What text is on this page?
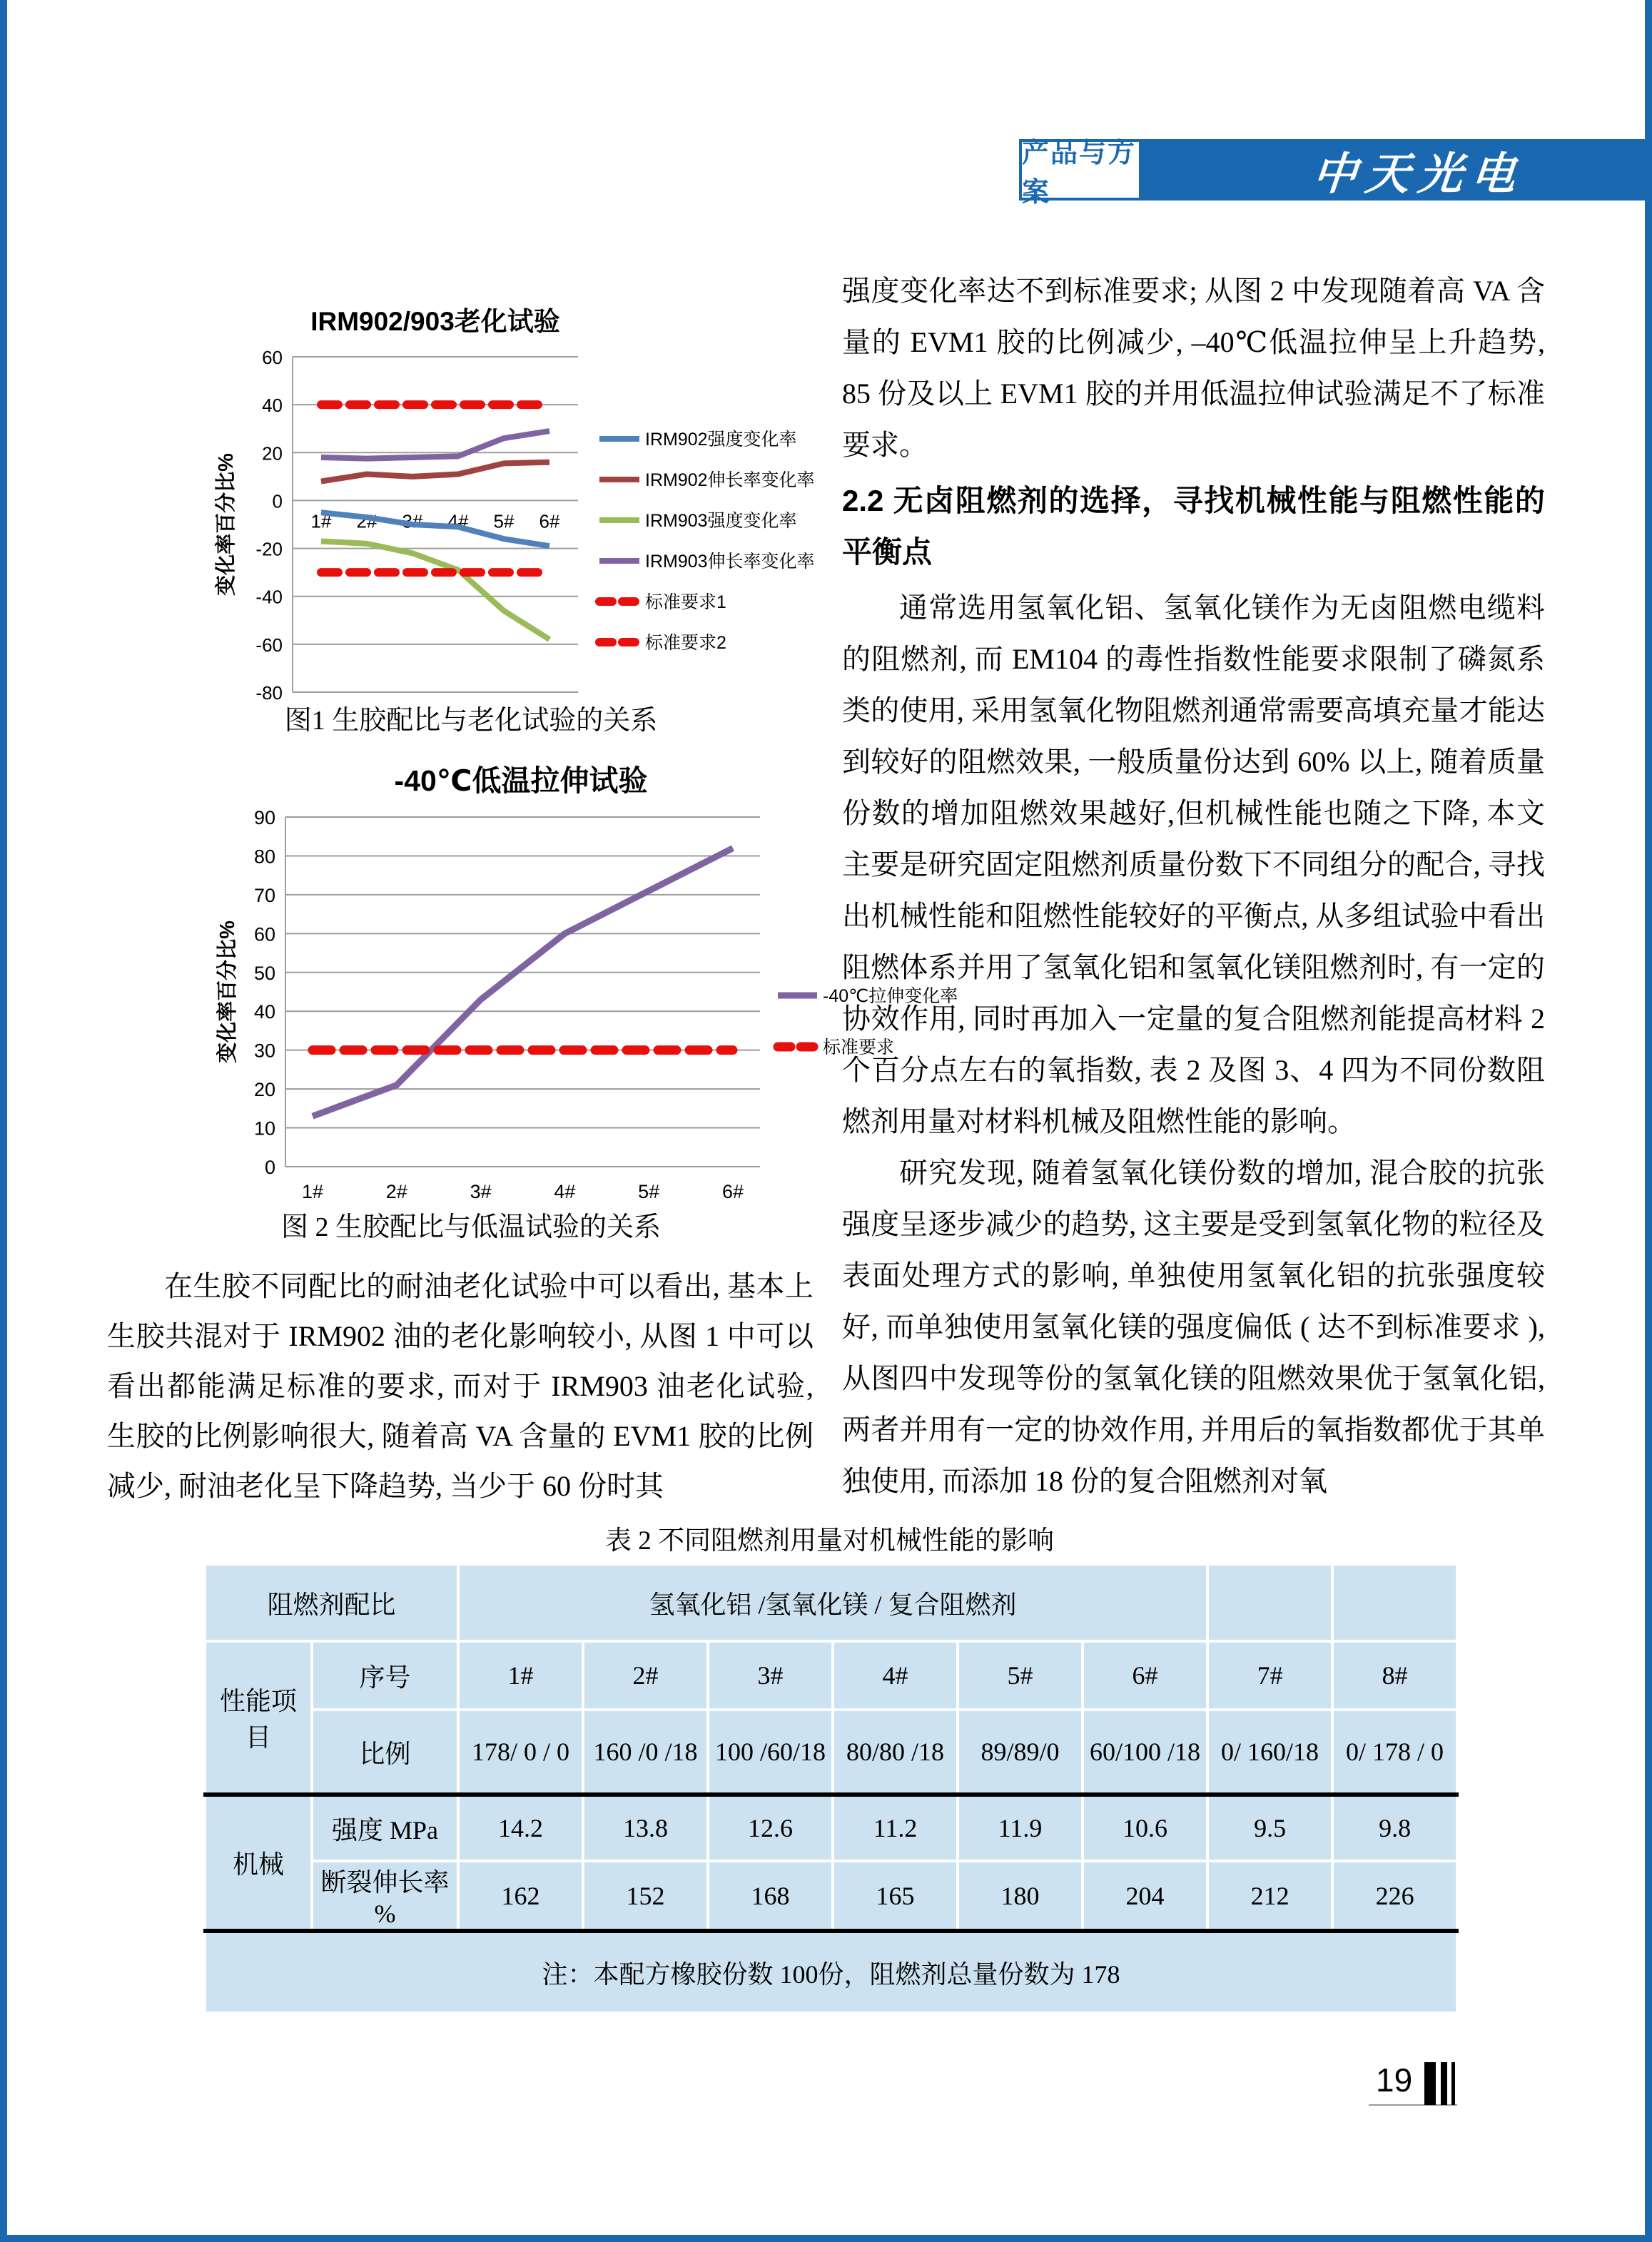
产品与方案	中天光电
-80
-60
-40
-20
0
20
40
60
1# 2# 3# 4# 5# 6#
IRM902强度变化率
IRM902伸长率变化率
IRM903强度变化率
IRM903伸长率变化率
标准要求1
标准要求2
IRM902/903老化试验
变化率百分比%
图1 生胶配比与老化试验的关系
0
10
20
30
40
50
60
70
80
90
1#	2#	3#	4#	5#	6#
-40℃拉伸变化率
标准要求
-40℃低温拉伸试验
变化率百分比%
图 2 生胶配比与低温试验的关系
在生胶不同配比的耐油老化试验中可以看出, 基本上生胶共混对于 IRM902 油的老化影响较小, 从图 1 中可以看出都能满足标准的要求, 而对于 IRM903 油老化试验, 生胶的比例影响很大, 随着高 VA 含量的 EVM1 胶的比例减少, 耐油老化呈下降趋势, 当少于 60 份时其

强度变化率达不到标准要求; 从图 2 中发现随着高 VA 含量的 EVM1 胶的比例减少, –40℃低温拉伸呈上升趋势, 85 份及以上 EVM1 胶的并用低温拉伸试验满足不了标准要求。

2.2 无卤阻燃剂的选择，寻找机械性能与阻燃性能的平衡点

通常选用氢氧化铝、氢氧化镁作为无卤阻燃电缆料的阻燃剂, 而 EM104 的毒性指数性能要求限制了磷氮系类的使用, 采用氢氧化物阻燃剂通常需要高填充量才能达到较好的阻燃效果, 一般质量份达到 60% 以上, 随着质量份数的增加阻燃效果越好,但机械性能也随之下降, 本文主要是研究固定阻燃剂质量份数下不同组分的配合, 寻找出机械性能和阻燃性能较好的平衡点, 从多组试验中看出阻燃体系并用了氢氧化铝和氢氧化镁阻燃剂时, 有一定的协效作用, 同时再加入一定量的复合阻燃剂能提高材料 2 个百分点左右的氧指数, 表 2 及图 3、4 四为不同份数阻燃剂用量对材料机械及阻燃性能的影响。

研究发现, 随着氢氧化镁份数的增加, 混合胶的抗张强度呈逐步减少的趋势, 这主要是受到氢氧化物的粒径及表面处理方式的影响, 单独使用氢氧化铝的抗张强度较好, 而单独使用氢氧化镁的强度偏低 ( 达不到标准要求 ), 从图四中发现等份的氢氧化镁的阻燃效果优于氢氧化铝, 两者并用有一定的协效作用, 并用后的氧指数都优于其单独使用, 而添加 18 份的复合阻燃剂对氧

表 2 不同阻燃剂用量对机械性能的影响
阻燃剂配比		氢氧化铝 /氢氧化镁 / 复合阻燃剂							
性能项目	序号	1#	2#	3#	4#	5#	6#	7#	8#
	比例	178/ 0 / 0	160 /0 /18	100 /60/18	80/80 /18	89/89/0	60/100 /18	0/ 160/18	0/ 178 / 0
机械	强度 MPa	14.2	13.8	12.6	11.2	11.9	10.6	9.5	9.8
	断裂伸长率 %	162	152	168	165	180	204	212	226
注：本配方橡胶份数 100份，阻燃剂总量份数为 178									
19
